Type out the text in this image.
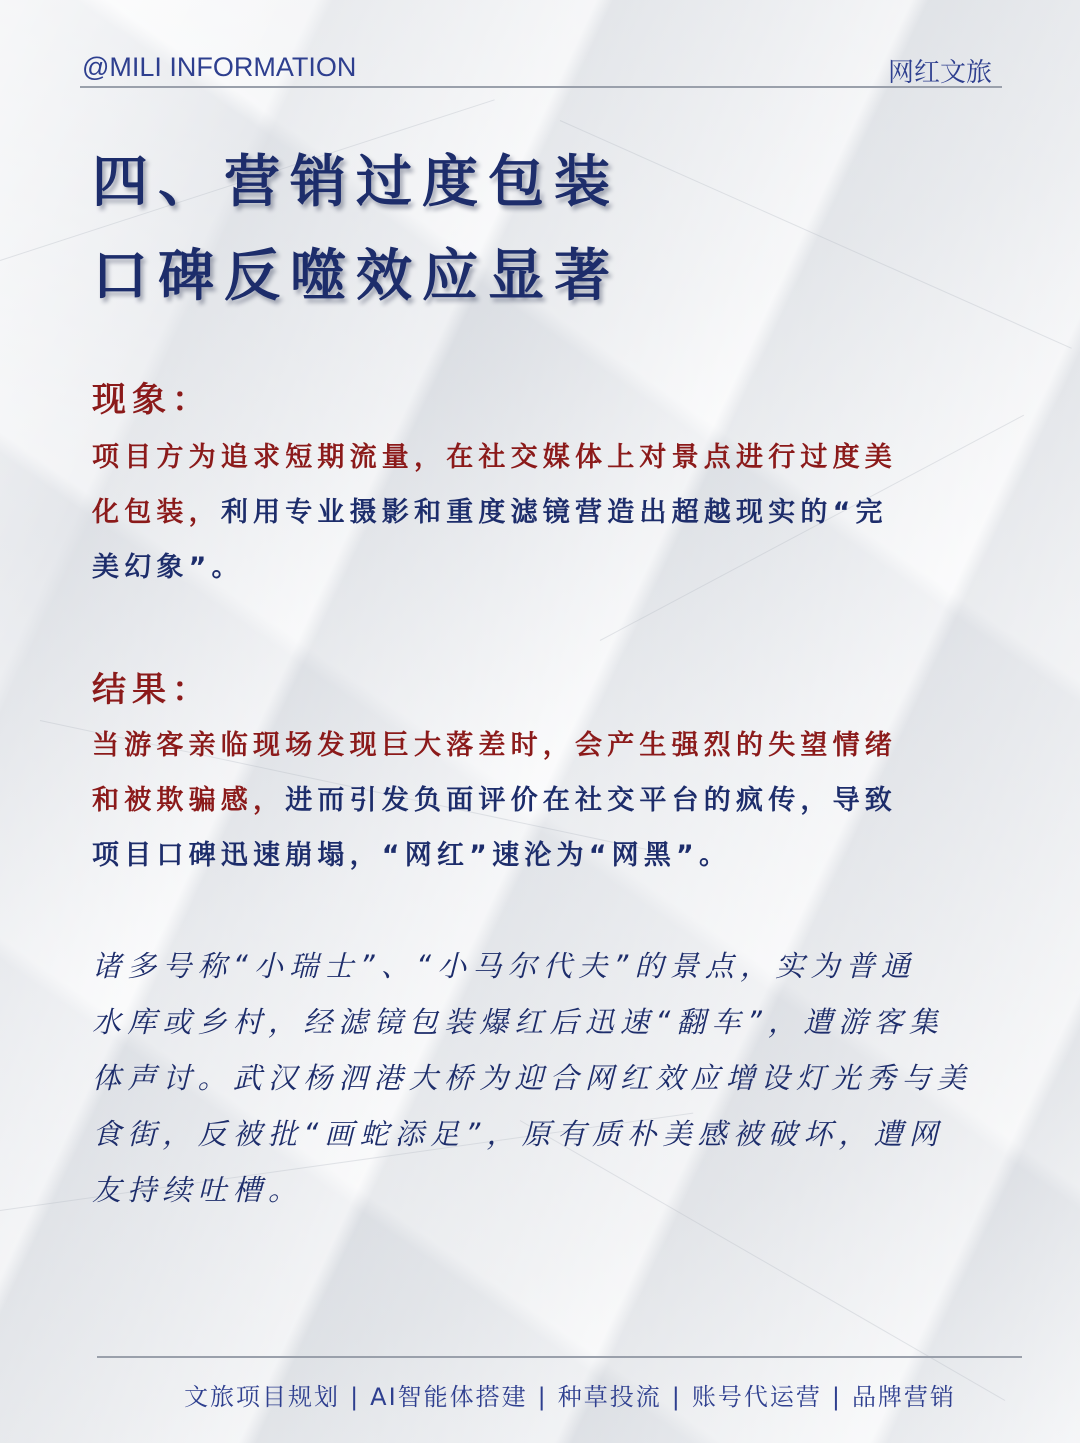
@MILI INFORMATION	网红文旅
四、营销过度包装
口碑反噬效应显著
现象：
项目方为追求短期流量，在社交媒体上对景点进行过度美
化包装，利用专业摄影和重度滤镜营造出超越现实的“完
美幻象”。
结果：
当游客亲临现场发现巨大落差时，会产生强烈的失望情绪
和被欺骗感，进而引发负面评价在社交平台的疯传，导致
项目口碑迅速崩塌，“网红”速沦为“网黑”。
诸多号称“小瑞士”、“小马尔代夫”的景点，实为普通
水库或乡村，经滤镜包装爆红后迅速“翻车”，遭游客集
体声讨。武汉杨泗港大桥为迎合网红效应增设灯光秀与美
食街，反被批“画蛇添足”，原有质朴美感被破坏，遭网
友持续吐槽。
文旅项目规划 | AI智能体搭建 | 种草投流 | 账号代运营 | 品牌营销
